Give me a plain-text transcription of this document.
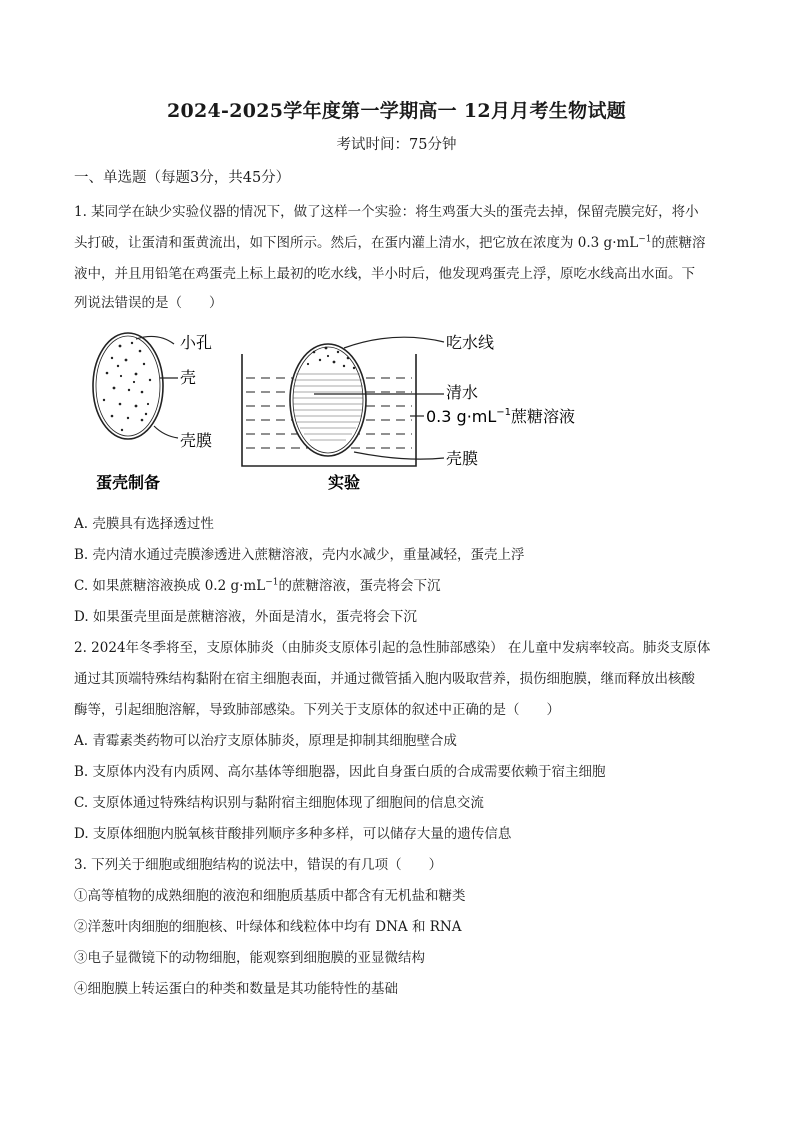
2024-2025学年度第一学期高一 12月月考生物试题
考试时间：75分钟
一、单选题（每题3分，共45分）
1. 某同学在缺少实验仪器的情况下，做了这样一个实验：将生鸡蛋大头的蛋壳去掉，保留壳膜完好，将小
头打破，让蛋清和蛋黄流出，如下图所示。然后，在蛋内灌上清水，把它放在浓度为 0.3 $g\cdot mL^{-1}$的蔗糖溶
液中，并且用铅笔在鸡蛋壳上标上最初的吃水线，半小时后，他发现鸡蛋壳上浮，原吃水线高出水面。下
列说法错误的是（　　）
小孔
壳
壳膜
蛋壳制备
吃水线
清水
0.3 $g\cdot mL^{-1}$蔗糖溶液
壳膜
实验
A. 壳膜具有选择透过性
B. 壳内清水通过壳膜渗透进入蔗糖溶液，壳内水减少，重量减轻，蛋壳上浮
C. 如果蔗糖溶液换成 0.2 $g\cdot mL^{-1}$的蔗糖溶液，蛋壳将会下沉
D. 如果蛋壳里面是蔗糖溶液，外面是清水，蛋壳将会下沉
2. 2024年冬季将至，支原体肺炎（由肺炎支原体引起的急性肺部感染） 在儿童中发病率较高。肺炎支原体
通过其顶端特殊结构黏附在宿主细胞表面，并通过微管插入胞内吸取营养，损伤细胞膜，继而释放出核酸
酶等，引起细胞溶解，导致肺部感染。下列关于支原体的叙述中正确的是（　　）
A. 青霉素类药物可以治疗支原体肺炎，原理是抑制其细胞壁合成
B. 支原体内没有内质网、高尔基体等细胞器，因此自身蛋白质的合成需要依赖于宿主细胞
C. 支原体通过特殊结构识别与黏附宿主细胞体现了细胞间的信息交流
D. 支原体细胞内脱氧核苷酸排列顺序多种多样，可以储存大量的遗传信息
3. 下列关于细胞或细胞结构的说法中，错误的有几项（　　）
①高等植物的成熟细胞的液泡和细胞质基质中都含有无机盐和糖类
②洋葱叶肉细胞的细胞核、叶绿体和线粒体中均有 DNA 和 RNA
③电子显微镜下的动物细胞，能观察到细胞膜的亚显微结构
④细胞膜上转运蛋白的种类和数量是其功能特性的基础
